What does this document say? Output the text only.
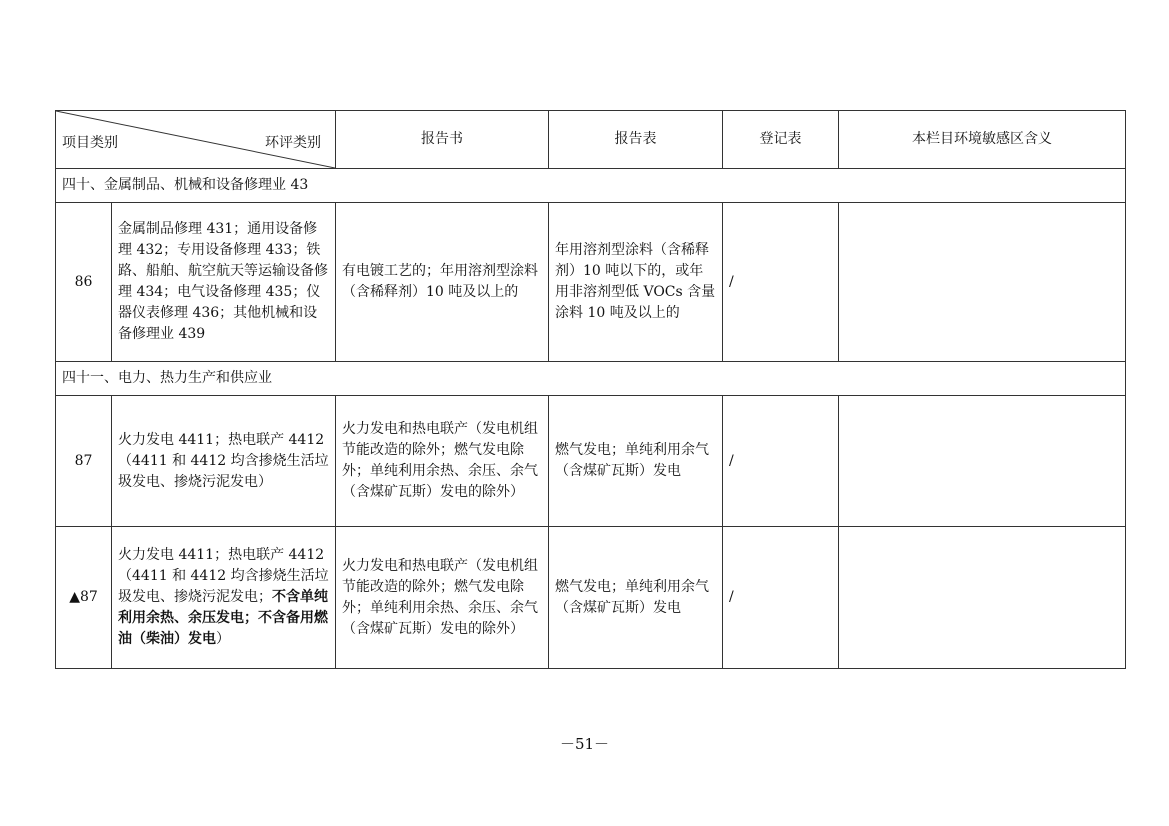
项目类别 环评类别		报告书	报告表	登记表	本栏目环境敏感区含义
四十、金属制品、机械和设备修理业 43					
86	金属制品修理 431；通用设备修理 432；专用设备修理 433；铁路、船舶、航空航天等运输设备修理 434；电气设备修理 435；仪器仪表修理 436；其他机械和设备修理业 439	有电镀工艺的；年用溶剂型涂料（含稀释剂）10 吨及以上的	年用溶剂型涂料（含稀释剂）10 吨以下的，或年用非溶剂型低 VOCs 含量涂料 10 吨及以上的	/	
四十一、电力、热力生产和供应业					
87	火力发电 4411；热电联产 4412（4411 和 4412 均含掺烧生活垃圾发电、掺烧污泥发电）	火力发电和热电联产（发电机组节能改造的除外；燃气发电除外；单纯利用余热、余压、余气（含煤矿瓦斯）发电的除外）	燃气发电；单纯利用余气（含煤矿瓦斯）发电	/	
▲87	火力发电 4411；热电联产 4412（4411 和 4412 均含掺烧生活垃圾发电、掺烧污泥发电；不含单纯利用余热、余压发电；不含备用燃油（柴油）发电）	火力发电和热电联产（发电机组节能改造的除外；燃气发电除外；单纯利用余热、余压、余气（含煤矿瓦斯）发电的除外）	燃气发电；单纯利用余气（含煤矿瓦斯）发电	/	
－51－
